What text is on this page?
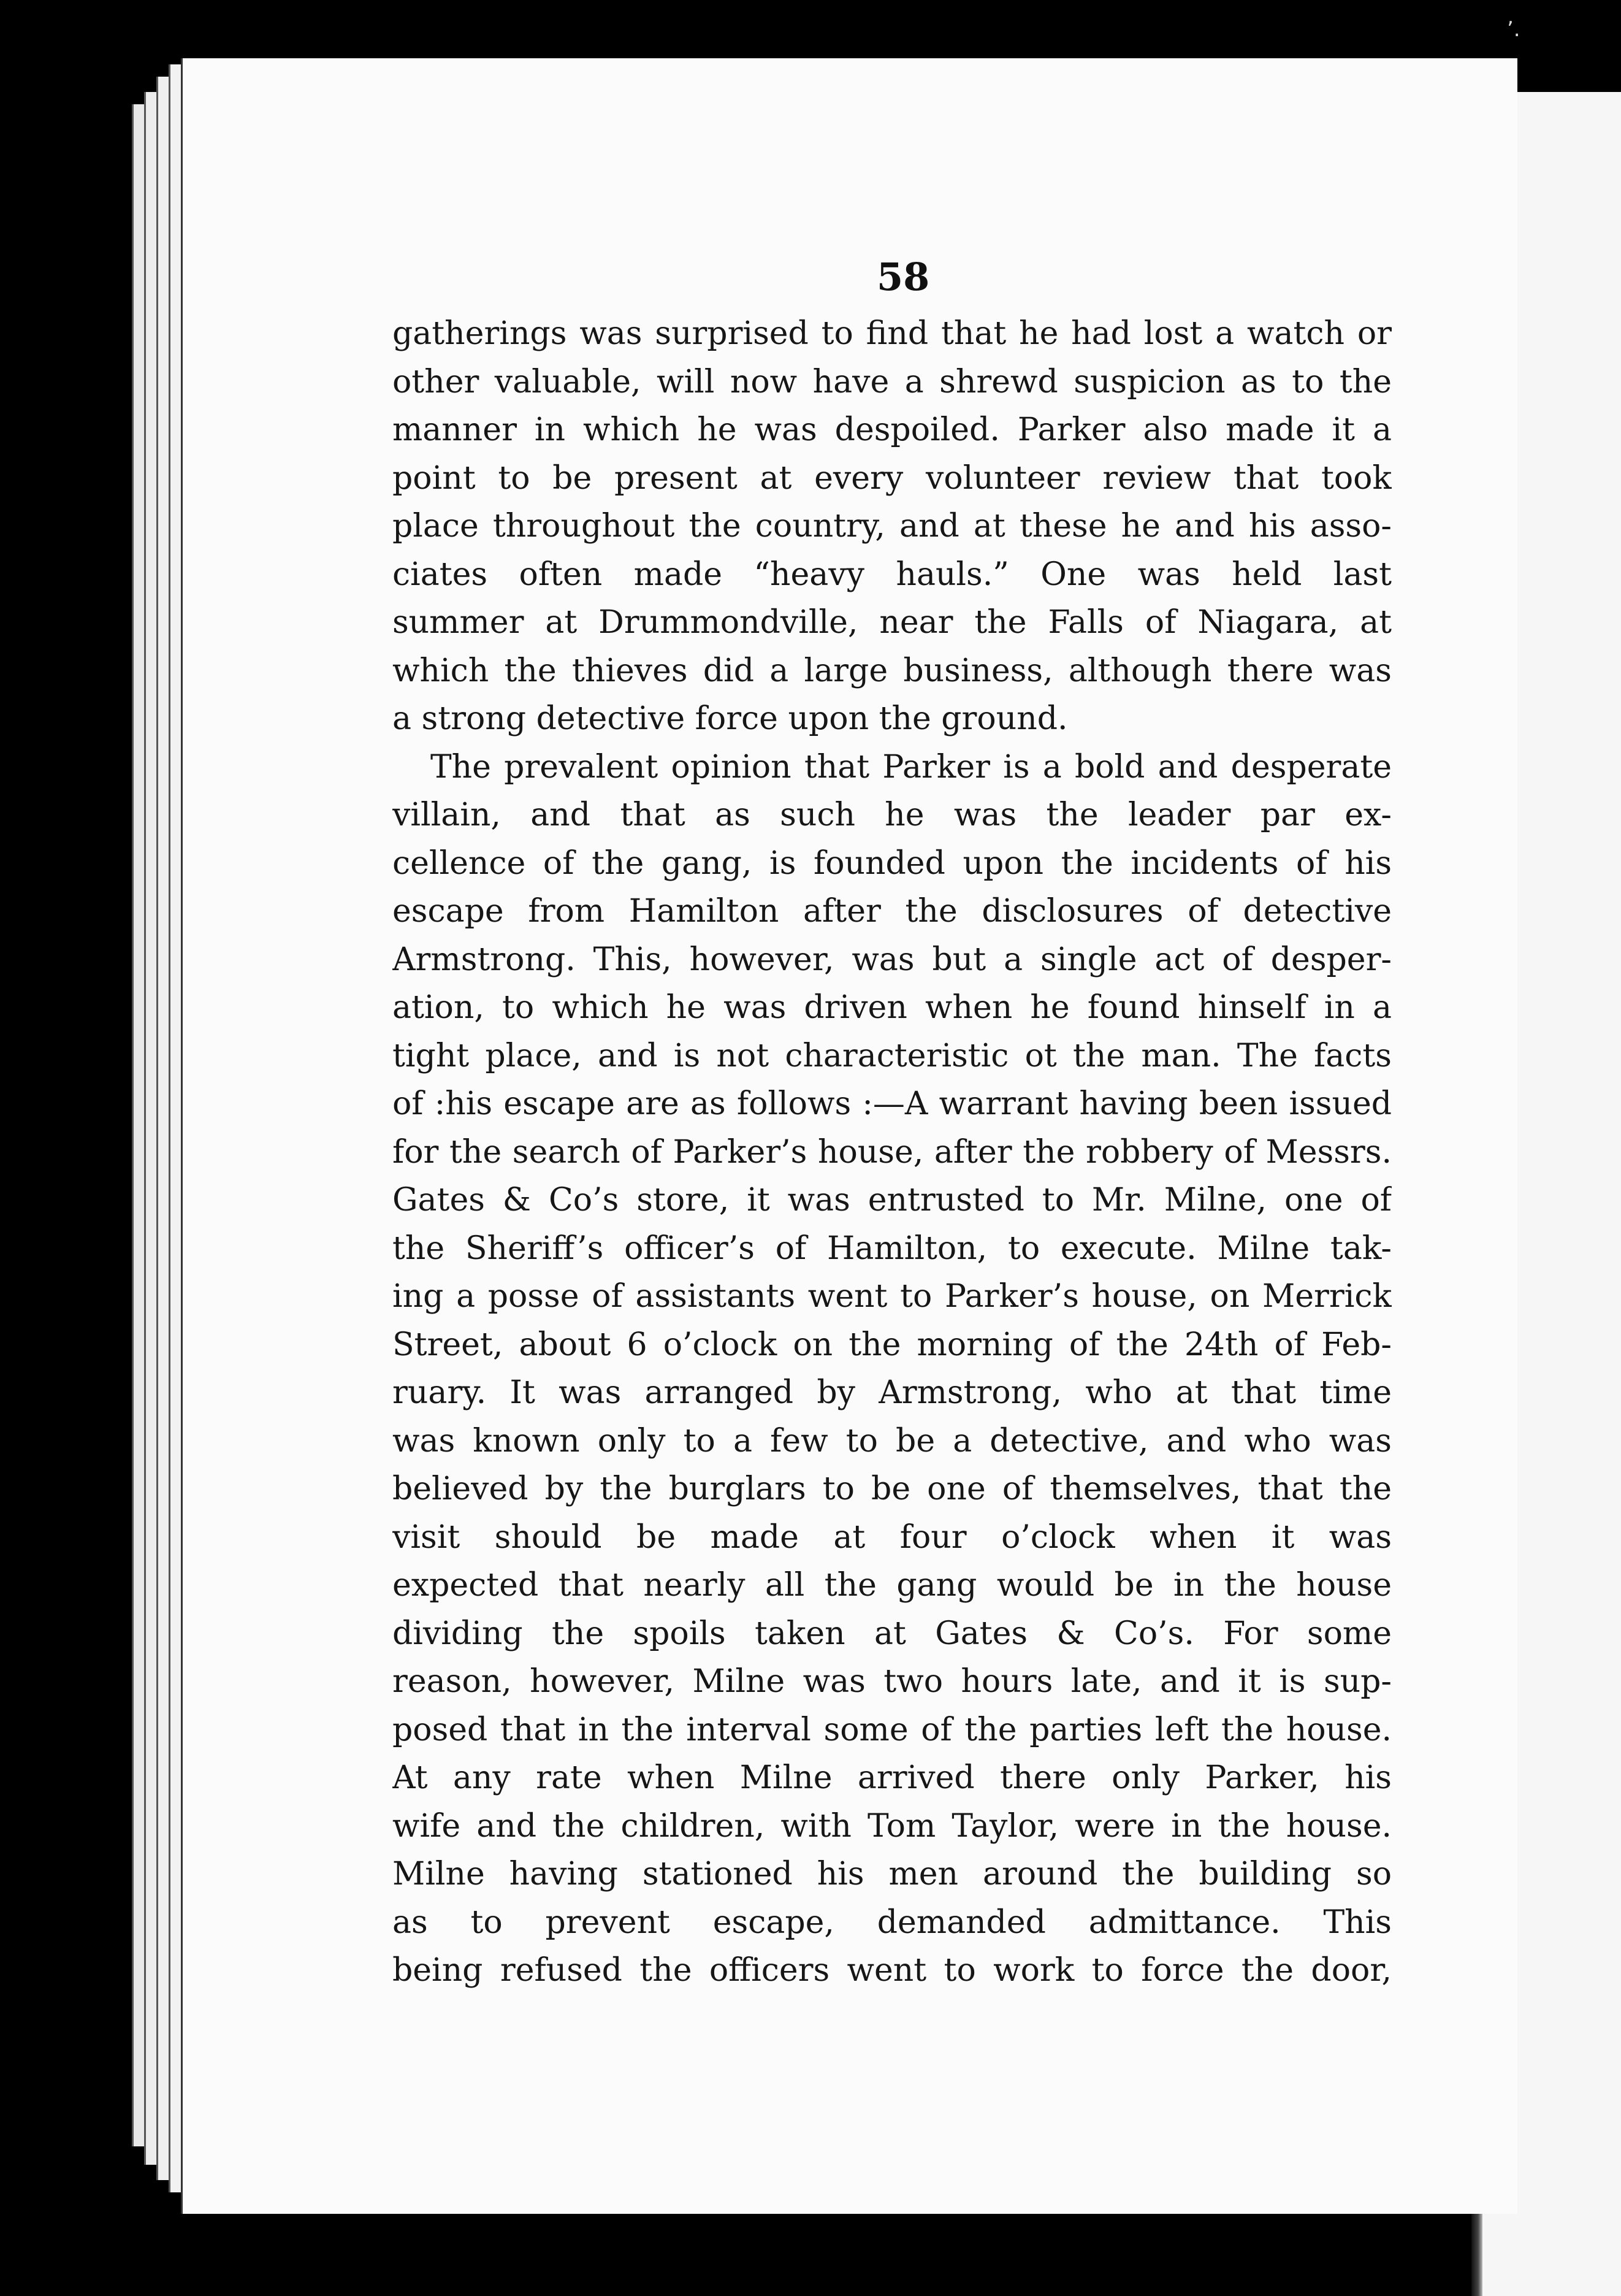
ʼ.
58
gatherings was surprised to find that he had lost a watch or
other valuable, will now have a shrewd suspicion as to the
manner in which he was despoiled. Parker also made it a
point to be present at every volunteer review that took
place throughout the country, and at these he and his asso-
ciates often made “heavy hauls.” One was held last
summer at Drummondville, near the Falls of Niagara, at
which the thieves did a large business, although there was
a strong detective force upon the ground.
The prevalent opinion that Parker is a bold and desperate
villain, and that as such he was the leader par ex-
cellence of the gang, is founded upon the incidents of his
escape from Hamilton after the disclosures of detective
Armstrong. This, however, was but a single act of desper-
ation, to which he was driven when he found hinself in a
tight place, and is not characteristic ot the man. The facts
of :his escape are as follows :—A warrant having been issued
for the search of Parker’s house, after the robbery of Messrs.
Gates & Co’s store, it was entrusted to Mr. Milne, one of
the Sheriff’s officer’s of Hamilton, to execute. Milne tak-
ing a posse of assistants went to Parker’s house, on Merrick
Street, about 6 o’clock on the morning of the 24th of Feb-
ruary. It was arranged by Armstrong, who at that time
was known only to a few to be a detective, and who was
believed by the burglars to be one of themselves, that the
visit should be made at four o’clock when it was
expected that nearly all the gang would be in the house
dividing the spoils taken at Gates & Co’s. For some
reason, however, Milne was two hours late, and it is sup-
posed that in the interval some of the parties left the house.
At any rate when Milne arrived there only Parker, his
wife and the children, with Tom Taylor, were in the house.
Milne having stationed his men around the building so
as to prevent escape, demanded admittance. This
being refused the officers went to work to force the door,
